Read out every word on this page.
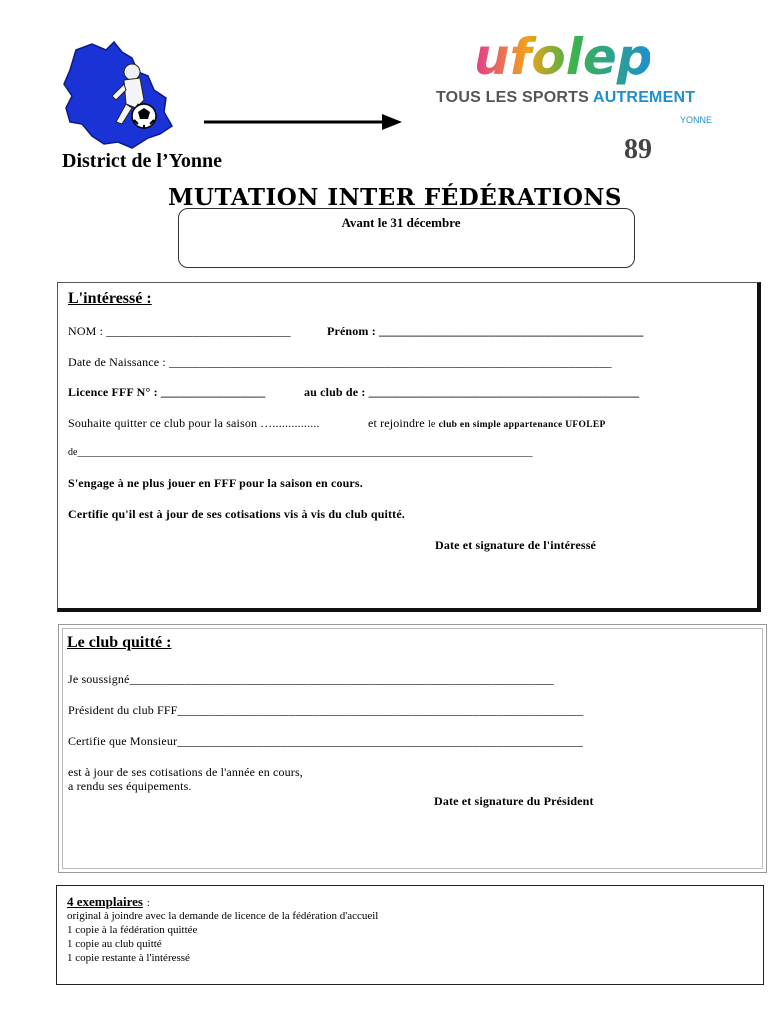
District de l’Yonne
ufolep
TOUS LES SPORTS AUTREMENT
YONNE
89
MUTATION INTER FÉDÉRATIONS
Avant le 31 décembre
L'intéressé :
NOM : ______________________________	Prénom : ___________________________________________
Date de Naissance : ________________________________________________________________________
Licence FFF N° : _________________	au club de : ____________________________________________
Souhaite quitter ce club pour la saison …...............	et rejoindre le club en simple appartenance UFOLEP
de___________________________________________________________________________________________
S'engage à ne plus jouer en FFF pour la saison en cours.
Certifie qu'il est à jour de ses cotisations vis à vis du club quitté.
Date et signature de l'intéressé
Le club quitté :
Je soussigné_____________________________________________________________________
Président du club FFF__________________________________________________________________
Certifie que Monsieur__________________________________________________________________
est à jour de ses cotisations de l'année en cours,
a rendu ses équipements.
Date et signature du Président
4 exemplaires :
original à joindre avec la demande de licence de la fédération d'accueil
1 copie à la fédération quittée
1 copie au club quitté
1 copie restante à l'intéressé
